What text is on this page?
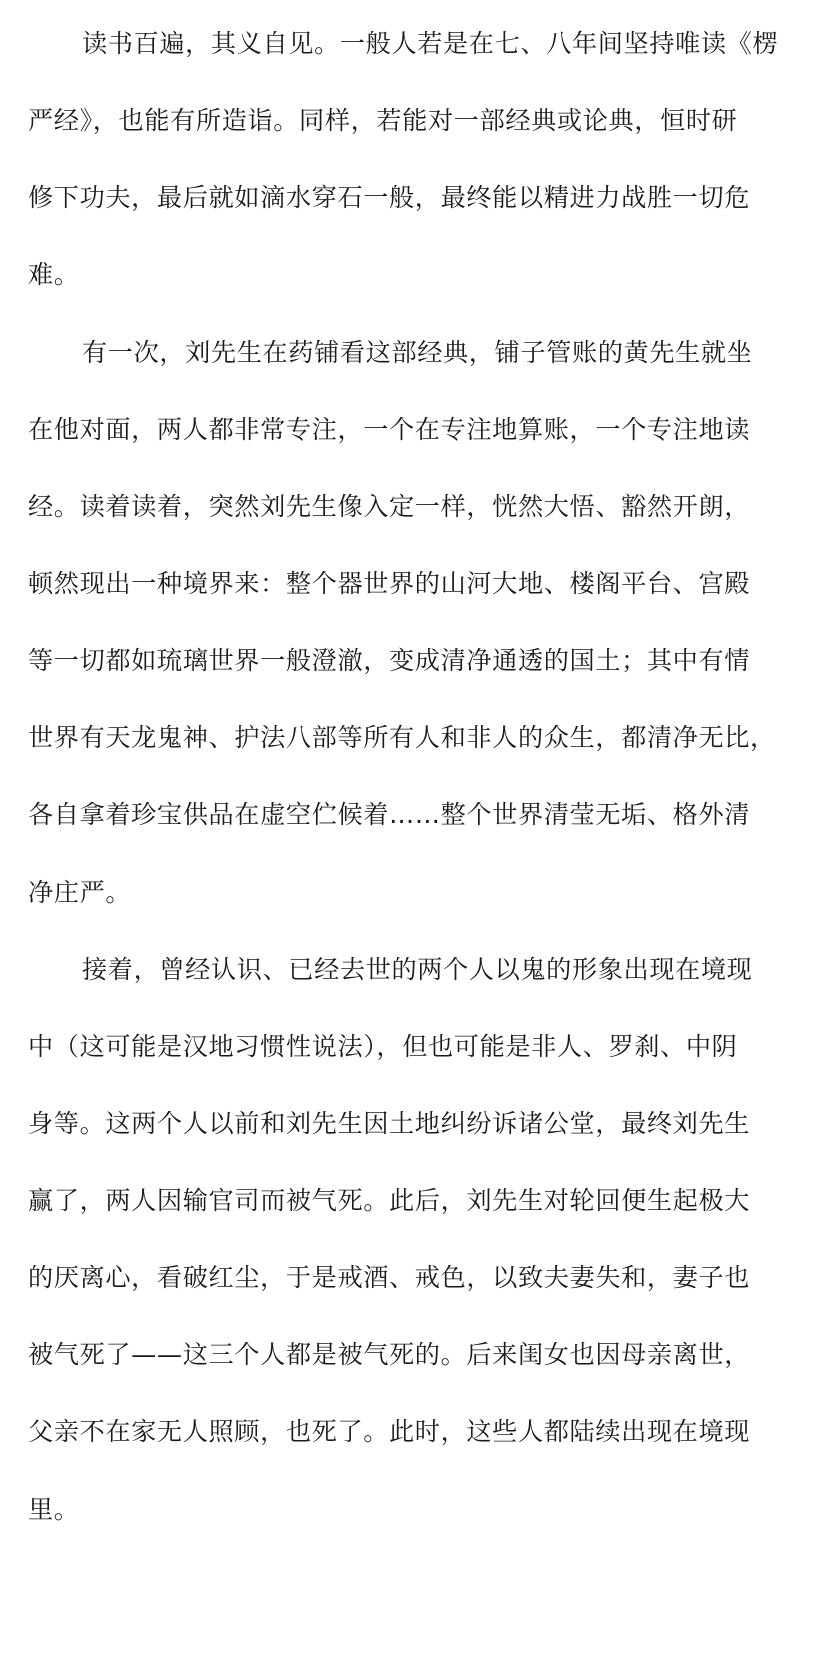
读书百遍，其义自见。一般人若是在七、八年间坚持唯读《楞
严经》，也能有所造诣。同样，若能对一部经典或论典，恒时研
修下功夫，最后就如滴水穿石一般，最终能以精进力战胜一切危
难。
有一次，刘先生在药铺看这部经典，铺子管账的黄先生就坐
在他对面，两人都非常专注，一个在专注地算账，一个专注地读
经。读着读着，突然刘先生像入定一样，恍然大悟、豁然开朗，
顿然现出一种境界来：整个器世界的山河大地、楼阁平台、宫殿
等一切都如琉璃世界一般澄澈，变成清净通透的国土；其中有情
世界有天龙鬼神、护法八部等所有人和非人的众生，都清净无比，
各自拿着珍宝供品在虚空伫候着……整个世界清莹无垢、格外清
净庄严。
接着，曾经认识、已经去世的两个人以鬼的形象出现在境现
中（这可能是汉地习惯性说法），但也可能是非人、罗刹、中阴
身等。这两个人以前和刘先生因土地纠纷诉诸公堂，最终刘先生
赢了，两人因输官司而被气死。此后，刘先生对轮回便生起极大
的厌离心，看破红尘，于是戒酒、戒色，以致夫妻失和，妻子也
被气死了——这三个人都是被气死的。后来闺女也因母亲离世，
父亲不在家无人照顾，也死了。此时，这些人都陆续出现在境现
里。
